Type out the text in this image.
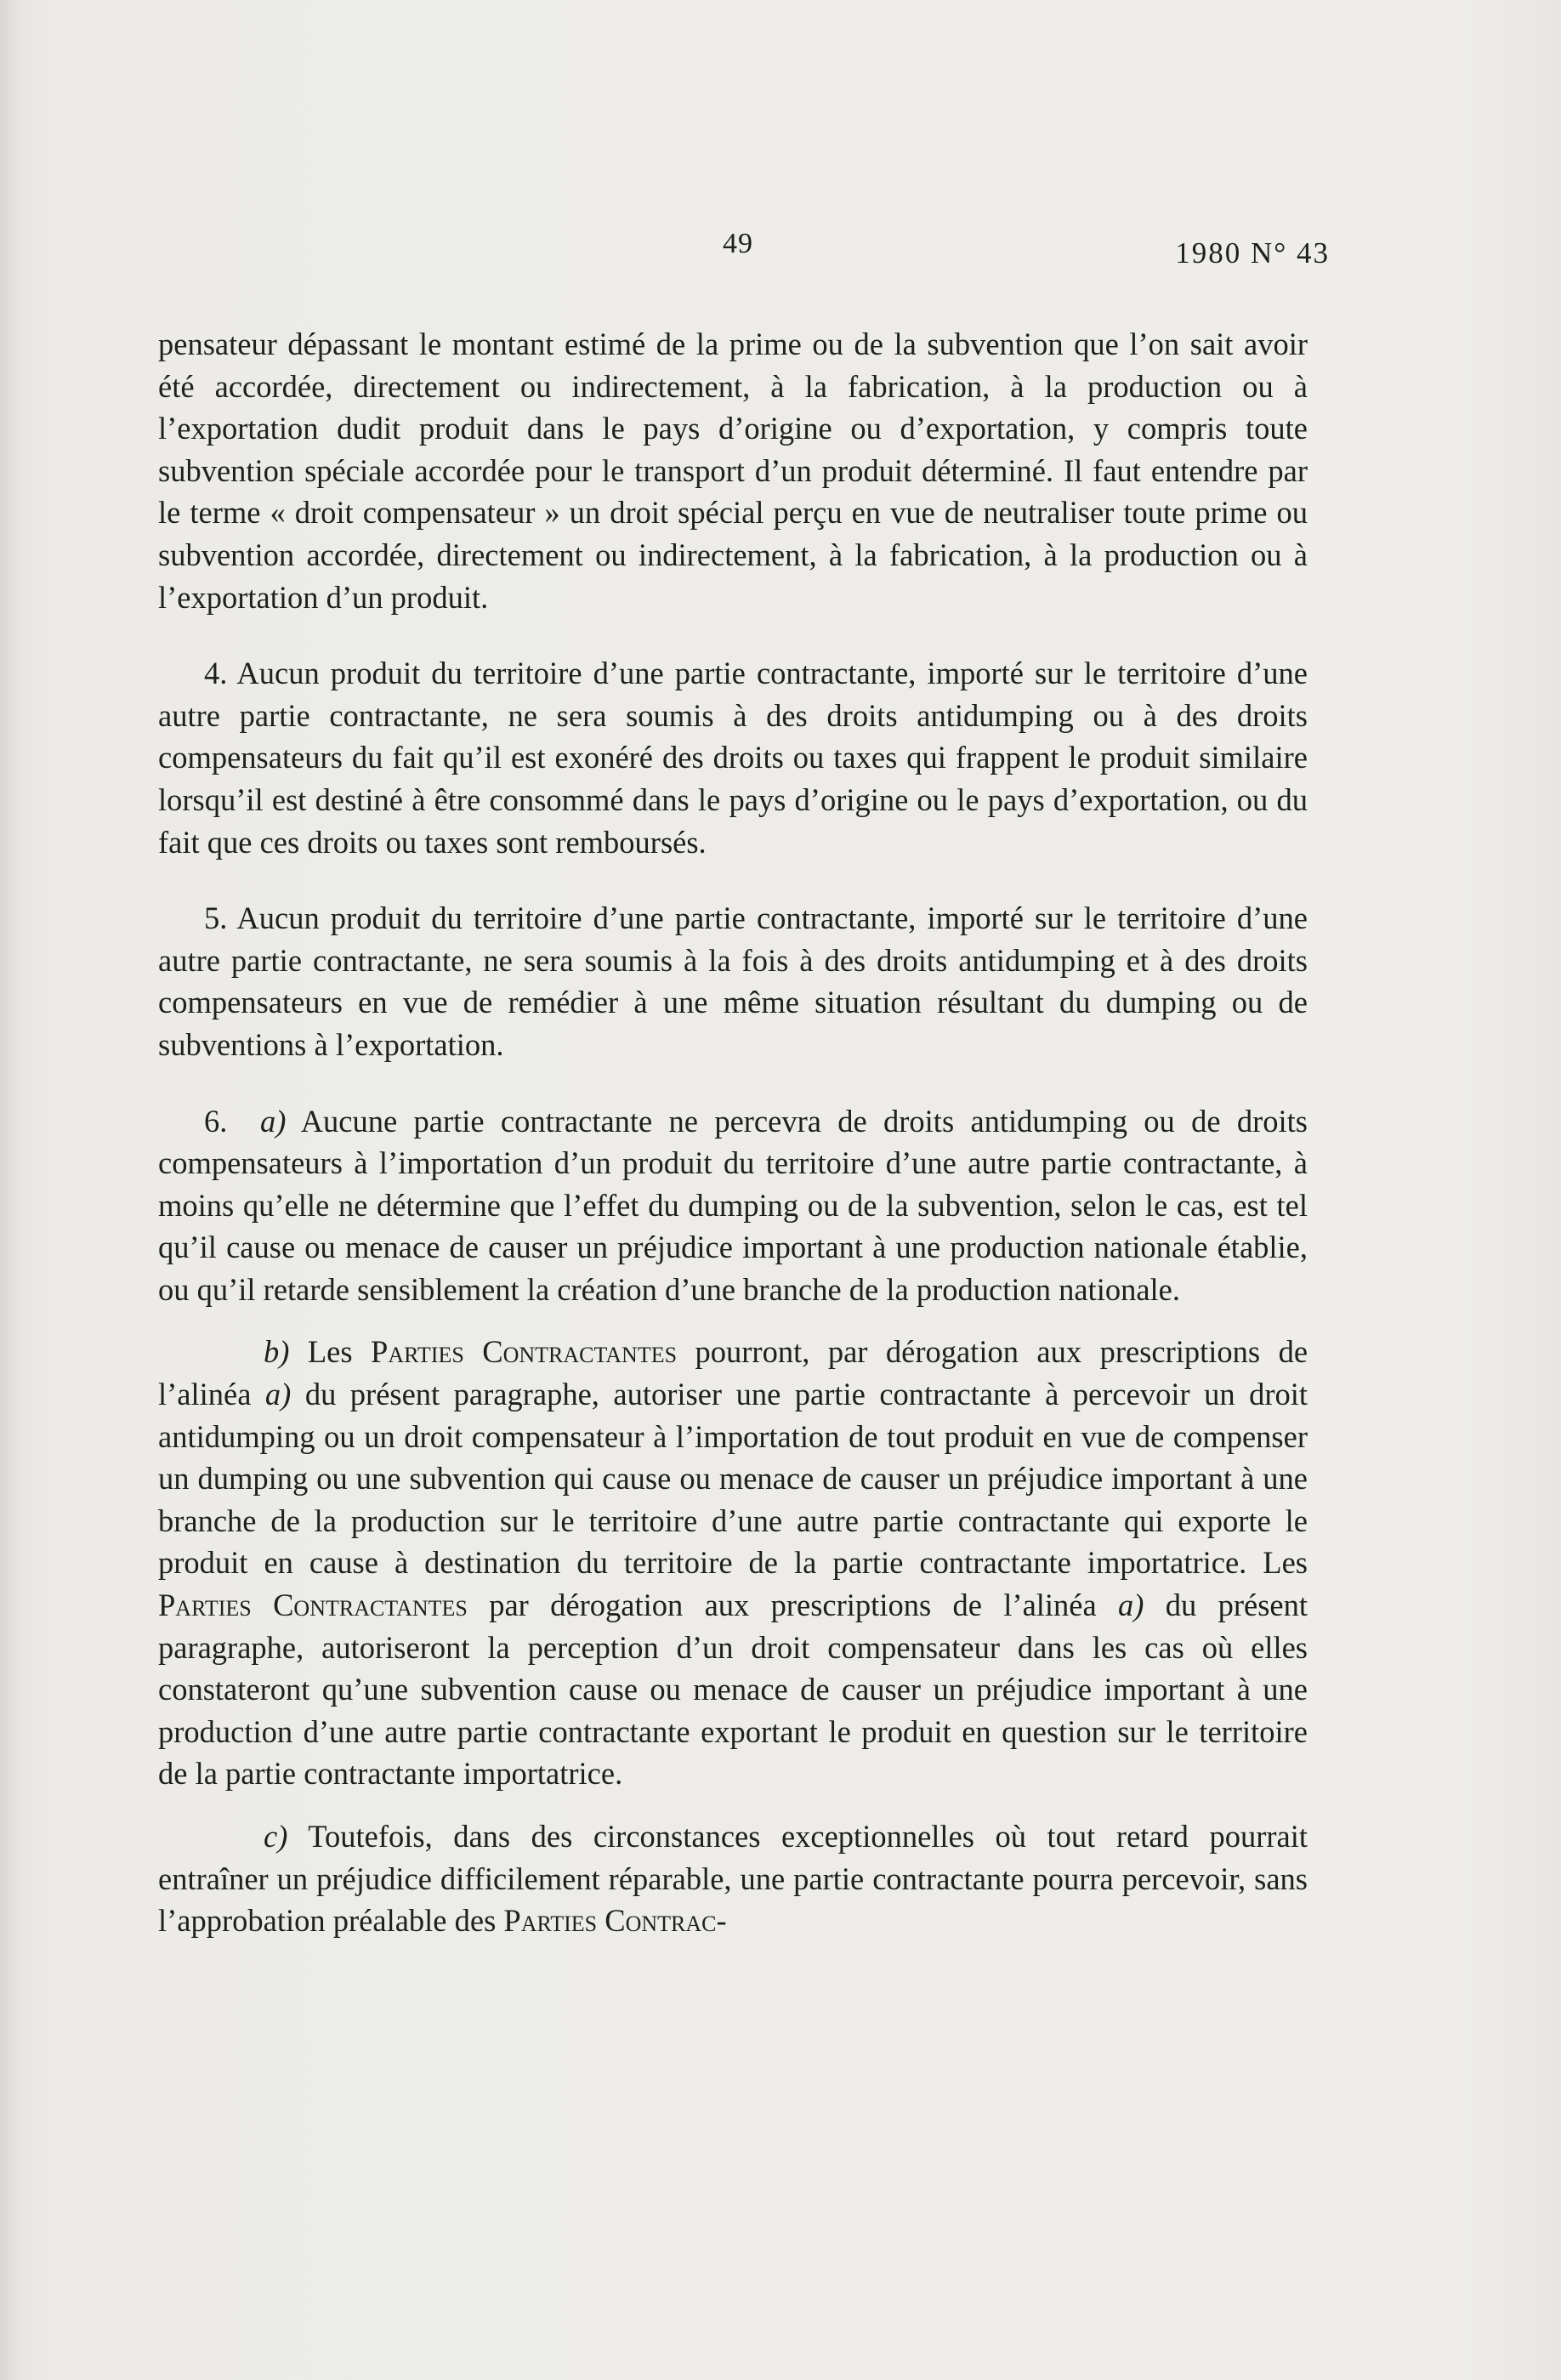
49	1980 N° 43

pensateur dépassant le montant estimé de la prime ou de la subvention que l’on sait avoir été accordée, directement ou indirectement, à la fabrication, à la production ou à l’exportation dudit produit dans le pays d’origine ou d’exportation, y compris toute subvention spéciale accordée pour le transport d’un produit déterminé. Il faut entendre par le terme « droit compensateur » un droit spécial perçu en vue de neutraliser toute prime ou subvention accordée, directement ou indirectement, à la fabrication, à la production ou à l’exportation d’un produit.

4. Aucun produit du territoire d’une partie contractante, importé sur le territoire d’une autre partie contractante, ne sera soumis à des droits antidumping ou à des droits compensateurs du fait qu’il est exonéré des droits ou taxes qui frappent le produit similaire lorsqu’il est destiné à être consommé dans le pays d’origine ou le pays d’exportation, ou du fait que ces droits ou taxes sont remboursés.

5. Aucun produit du territoire d’une partie contractante, importé sur le territoire d’une autre partie contractante, ne sera soumis à la fois à des droits antidumping et à des droits compensateurs en vue de remédier à une même situation résultant du dumping ou de subventions à l’exportation.

6. a) Aucune partie contractante ne percevra de droits antidumping ou de droits compensateurs à l’importation d’un produit du territoire d’une autre partie contractante, à moins qu’elle ne détermine que l’effet du dumping ou de la subvention, selon le cas, est tel qu’il cause ou menace de causer un préjudice important à une production nationale établie, ou qu’il retarde sensiblement la création d’une branche de la production nationale.

b) Les Parties Contractantes pourront, par dérogation aux prescriptions de l’alinéa a) du présent paragraphe, autoriser une partie contractante à percevoir un droit antidumping ou un droit compensateur à l’importation de tout produit en vue de compenser un dumping ou une subvention qui cause ou menace de causer un préjudice important à une branche de la production sur le territoire d’une autre partie contractante qui exporte le produit en cause à destination du territoire de la partie contractante importatrice. Les Parties Contractantes par dérogation aux prescriptions de l’alinéa a) du présent paragraphe, autoriseront la perception d’un droit compensateur dans les cas où elles constateront qu’une subvention cause ou menace de causer un préjudice important à une production d’une autre partie contractante exportant le produit en question sur le territoire de la partie contractante importatrice.

c) Toutefois, dans des circonstances exceptionnelles où tout retard pourrait entraîner un préjudice difficilement réparable, une partie contractante pourra percevoir, sans l’approbation préalable des Parties Contrac-
